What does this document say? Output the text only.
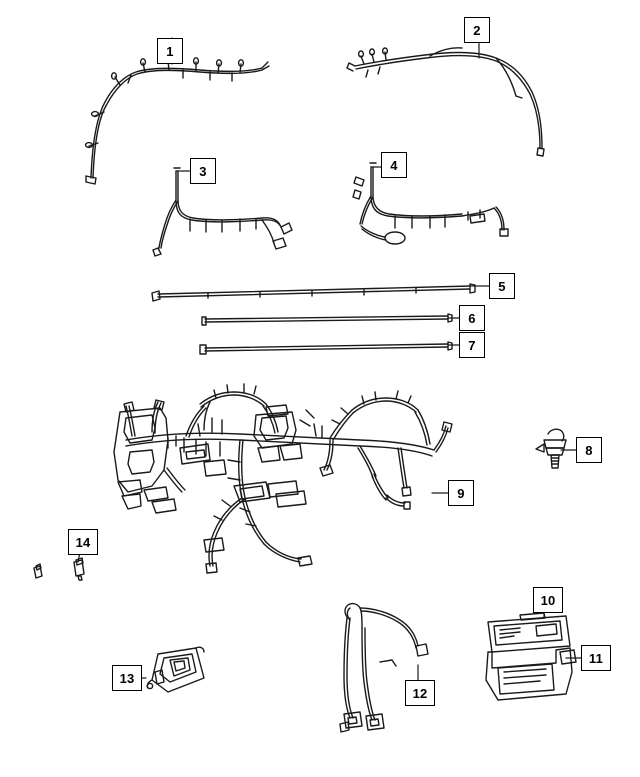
1
2
3	4
5
6
7
8
9
10
11
12
13
14
